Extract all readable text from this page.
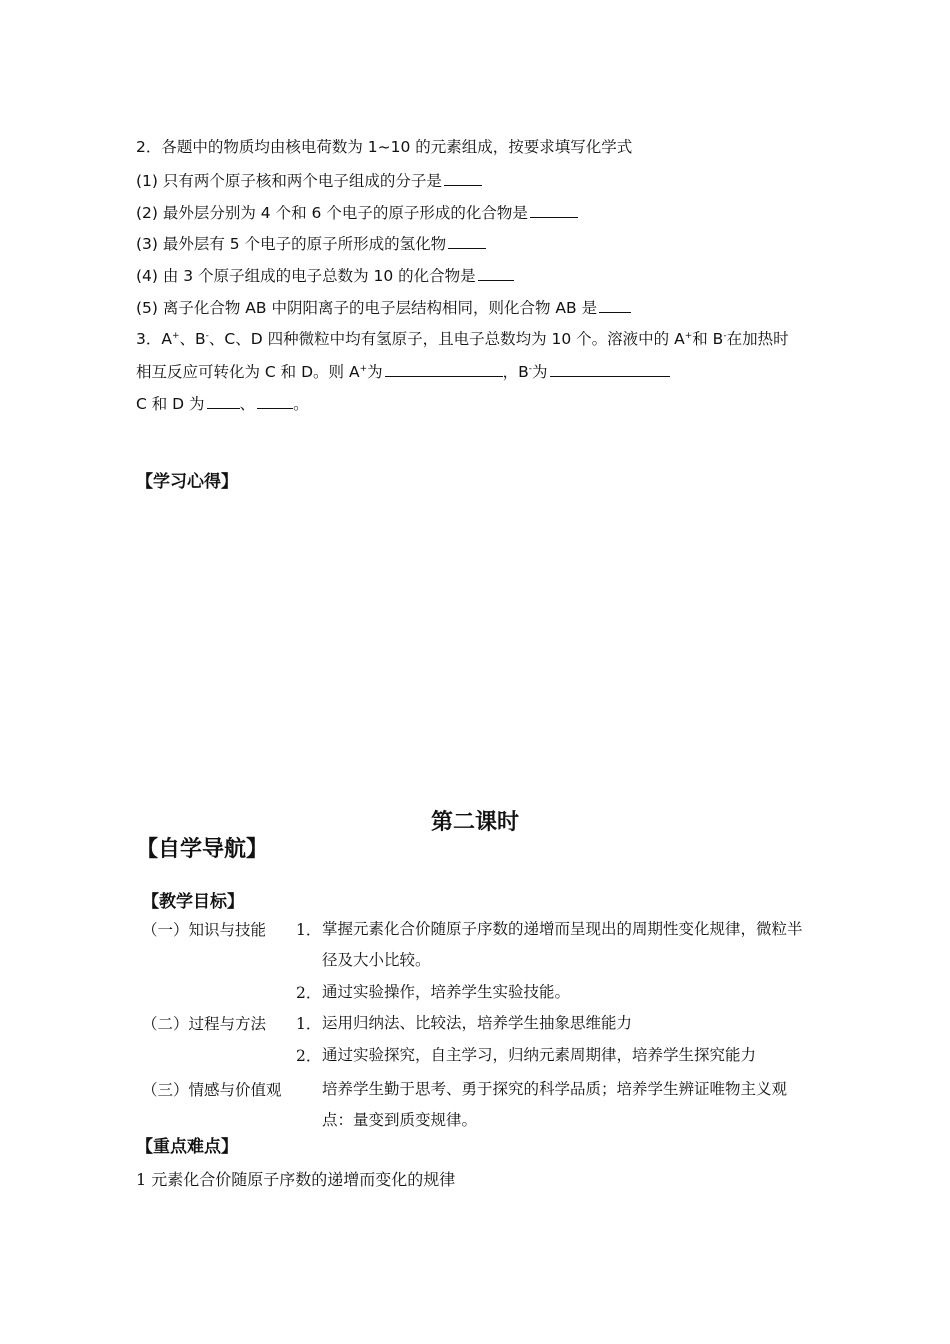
2．各题中的物质均由核电荷数为 1~10 的元素组成，按要求填写化学式
(1) 只有两个原子核和两个电子组成的分子是
(2) 最外层分别为 4 个和 6 个电子的原子形成的化合物是
(3) 最外层有 5 个电子的原子所形成的氢化物
(4) 由 3 个原子组成的电子总数为 10 的化合物是
(5) 离子化合物 AB 中阴阳离子的电子层结构相同，则化合物 AB 是
3．A+、B-、C、D 四种微粒中均有氢原子，且电子总数均为 10 个。溶液中的 A+和 B-在加热时
相互反应可转化为 C 和 D。则 A+为	，B-为
C 和 D 为 、 。
【学习心得】
第二课时
【自学导航】
【教学目标】
（一）知识与技能 1． 掌握元素化合价随原子序数的递增而呈现出的周期性变化规律，微粒半径及大小比较。
2． 通过实验操作，培养学生实验技能。
（二）过程与方法 1． 运用归纳法、比较法，培养学生抽象思维能力
2． 通过实验探究，自主学习，归纳元素周期律，培养学生探究能力
（三）情感与价值观	培养学生勤于思考、勇于探究的科学品质；培养学生辨证唯物主义观点：量变到质变规律。
【重点难点】
1 元素化合价随原子序数的递增而变化的规律
